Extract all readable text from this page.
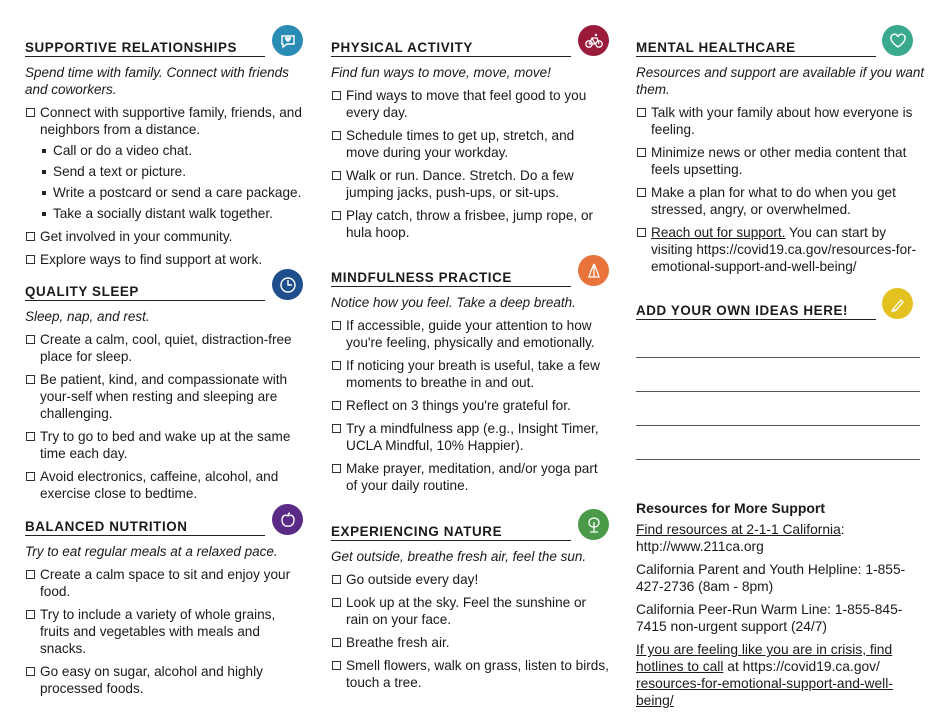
SUPPORTIVE RELATIONSHIPS
Spend time with family. Connect with friends and coworkers.
Connect with supportive family, friends, and neighbors from a distance.
Call or do a video chat.
Send a text or picture.
Write a postcard or send a care package.
Take a socially distant walk together.
Get involved in your community.
Explore ways to find support at work.
QUALITY SLEEP
Sleep, nap, and rest.
Create a calm, cool, quiet, distraction-free place for sleep.
Be patient, kind, and compassionate with your-self when resting and sleeping are challenging.
Try to go to bed and wake up at the same time each day.
Avoid electronics, caffeine, alcohol, and exercise close to bedtime.
BALANCED NUTRITION
Try to eat regular meals at a relaxed pace.
Create a calm space to sit and enjoy your food.
Try to include a variety of whole grains, fruits and vegetables with meals and snacks.
Go easy on sugar, alcohol and highly processed foods.
PHYSICAL ACTIVITY
Find fun ways to move, move, move!
Find ways to move that feel good to you every day.
Schedule times to get up, stretch, and move during your workday.
Walk or run. Dance. Stretch. Do a few jumping jacks, push-ups, or sit-ups.
Play catch, throw a frisbee, jump rope, or hula hoop.
MINDFULNESS PRACTICE
Notice how you feel. Take a deep breath.
If accessible, guide your attention to how you're feeling, physically and emotionally.
If noticing your breath is useful, take a few moments to breathe in and out.
Reflect on 3 things you're grateful for.
Try a mindfulness app (e.g., Insight Timer, UCLA Mindful, 10% Happier).
Make prayer, meditation, and/or yoga part of your daily routine.
EXPERIENCING NATURE
Get outside, breathe fresh air, feel the sun.
Go outside every day!
Look up at the sky. Feel the sunshine or rain on your face.
Breathe fresh air.
Smell flowers, walk on grass, listen to birds, touch a tree.
MENTAL HEALTHCARE
Resources and support are available if you want them.
Talk with your family about how everyone is feeling.
Minimize news or other media content that feels upsetting.
Make a plan for what to do when you get stressed, angry, or overwhelmed.
Reach out for support. You can start by visiting https://covid19.ca.gov/resources-for-emotional-support-and-well-being/
ADD YOUR OWN IDEAS HERE!
Resources for More Support
Find resources at 2-1-1 California: http://www.211ca.org
California Parent and Youth Helpline: 1-855-427-2736 (8am - 8pm)
California Peer-Run Warm Line: 1-855-845-7415 non-urgent support (24/7)
If you are feeling like you are in crisis, find hotlines to call at https://covid19.ca.gov/ resources-for-emotional-support-and-well-being/
